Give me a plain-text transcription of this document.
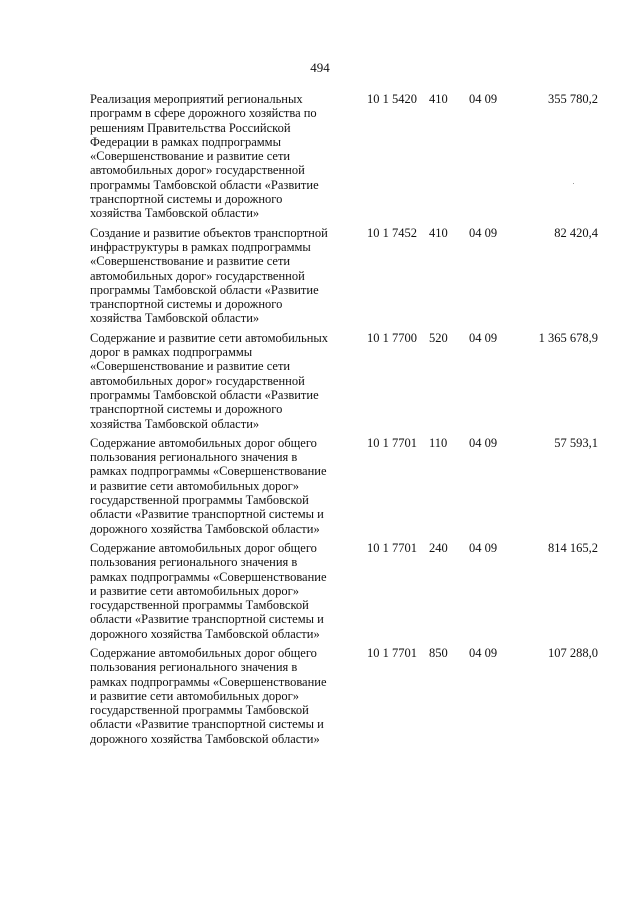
494
Реализация мероприятий региональных
программ в сфере дорожного хозяйства по
решениям Правительства Российской
Федерации в рамках подпрограммы
«Совершенствование и развитие сети
автомобильных дорог» государственной
программы Тамбовской области «Развитие
транспортной системы и дорожного
хозяйства Тамбовской области»
10 1 5420 410 04 09	355 780,2
Создание и развитие объектов транспортной
инфраструктуры в рамках подпрограммы
«Совершенствование и развитие сети
автомобильных дорог» государственной
программы Тамбовской области «Развитие
транспортной системы и дорожного
хозяйства Тамбовской области»
10 1 7452 410 04 09	82 420,4
Содержание и развитие сети автомобильных
дорог в рамках подпрограммы
«Совершенствование и развитие сети
автомобильных дорог» государственной
программы Тамбовской области «Развитие
транспортной системы и дорожного
хозяйства Тамбовской области»
10 1 7700 520 04 09	1 365 678,9
Содержание автомобильных дорог общего
пользования регионального значения в
рамках подпрограммы «Совершенствование
и развитие сети автомобильных дорог»
государственной программы Тамбовской
области «Развитие транспортной системы и
дорожного хозяйства Тамбовской области»
10 1 7701 110 04 09	57 593,1
Содержание автомобильных дорог общего
пользования регионального значения в
рамках подпрограммы «Совершенствование
и развитие сети автомобильных дорог»
государственной программы Тамбовской
области «Развитие транспортной системы и
дорожного хозяйства Тамбовской области»
10 1 7701 240 04 09	814 165,2
Содержание автомобильных дорог общего
пользования регионального значения в
рамках подпрограммы «Совершенствование
и развитие сети автомобильных дорог»
государственной программы Тамбовской
области «Развитие транспортной системы и
дорожного хозяйства Тамбовской области»
10 1 7701 850 04 09	107 288,0
